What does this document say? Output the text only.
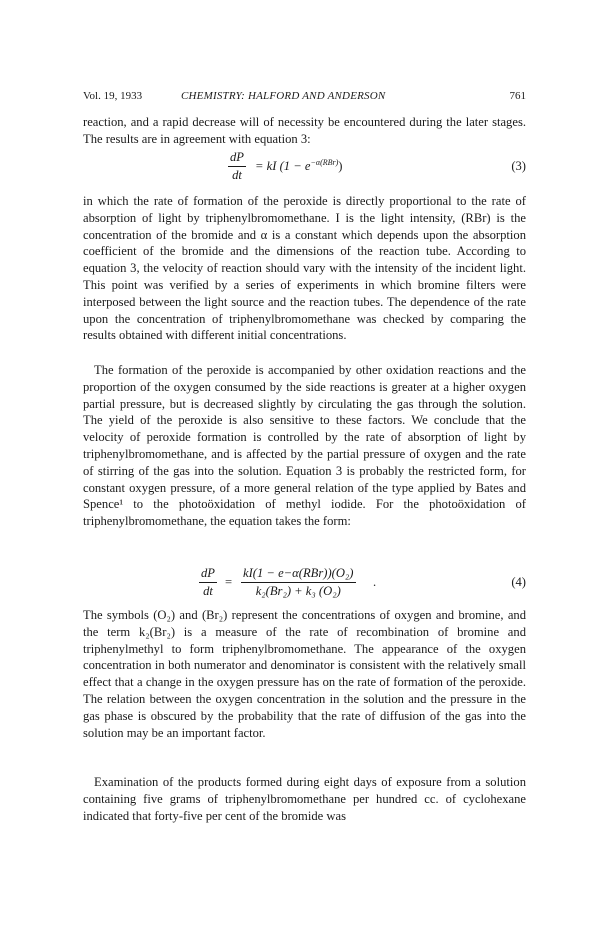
Vol. 19, 1933	CHEMISTRY: HALFORD AND ANDERSON	761

reaction, and a rapid decrease will of necessity be encountered during the later stages. The results are in agreement with equation 3:

$\frac{dP}{dt}$ = kI $(1 - e^{-\alpha(RBr)})$	(3)

in which the rate of formation of the peroxide is directly proportional to the rate of absorption of light by triphenylbromomethane. I is the light intensity, (RBr) is the concentration of the bromide and α is a constant which depends upon the absorption coefficient of the bromide and the dimensions of the reaction tube. According to equation 3, the velocity of reaction should vary with the intensity of the incident light. This point was verified by a series of experiments in which bromine filters were interposed between the light source and the reaction tubes. The dependence of the rate upon the concentration of triphenylbromomethane was checked by comparing the results obtained with different initial concentrations.

The formation of the peroxide is accompanied by other oxidation reactions and the proportion of the oxygen consumed by the side reactions is greater at a higher oxygen partial pressure, but is decreased slightly by circulating the gas through the solution. The yield of the peroxide is also sensitive to these factors. We conclude that the velocity of peroxide formation is controlled by the rate of absorption of light by triphenylbromomethane, and is affected by the partial pressure of oxygen and the rate of stirring of the gas into the solution. Equation 3 is probably the restricted form, for constant oxygen pressure, of a more general relation of the type applied by Bates and Spence¹ to the photoöxidation of methyl iodide. For the photoöxidation of triphenylbromomethane, the equation takes the form:

$\frac{dP}{dt}$ =
kI(1 − e−α(RBr))(O₂)
k₂(Br₂) + k₃ (O₂)
.	(4)

The symbols (O₂) and (Br₂) represent the concentrations of oxygen and bromine, and the term k₂(Br₂) is a measure of the rate of recombination of bromine and triphenylmethyl to form triphenylbromomethane. The appearance of the oxygen concentration in both numerator and denominator is consistent with the relatively small effect that a change in the oxygen pressure has on the rate of formation of the peroxide. The relation between the oxygen concentration in the solution and the pressure in the gas phase is obscured by the probability that the rate of diffusion of the gas into the solution may be an important factor.

Examination of the products formed during eight days of exposure from a solution containing five grams of triphenylbromomethane per hundred cc. of cyclohexane indicated that forty-five per cent of the bromide was
